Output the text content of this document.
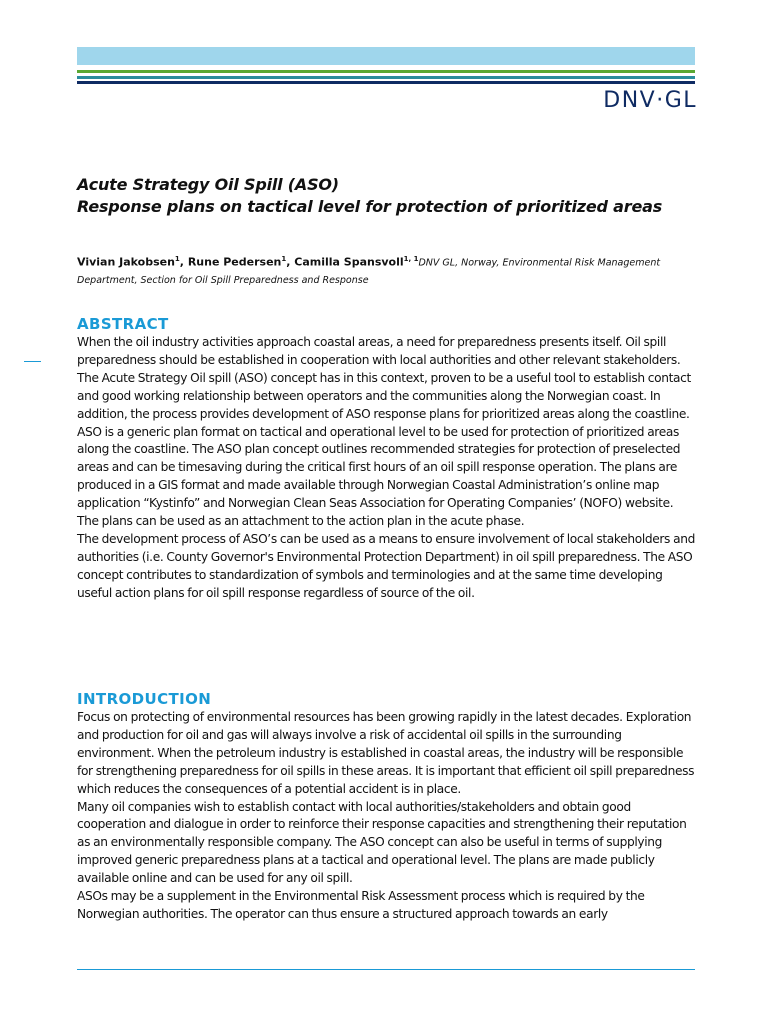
DNV·GL
Acute Strategy Oil Spill (ASO)
Response plans on tactical level for protection of prioritized areas
Vivian Jakobsen$^1$, Rune Pedersen$^1$, Camilla Spansvoll$^{1, 1}$DNV GL, Norway, Environmental Risk Management
Department, Section for Oil Spill Preparedness and Response
ABSTRACT

When the oil industry activities approach coastal areas, a need for preparedness presents itself. Oil spill preparedness should be established in cooperation with local authorities and other relevant stakeholders. The Acute Strategy Oil spill (ASO) concept has in this context, proven to be a useful tool to establish contact and good working relationship between operators and the communities along the Norwegian coast. In addition, the process provides development of ASO response plans for prioritized areas along the coastline.

ASO is a generic plan format on tactical and operational level to be used for protection of prioritized areas along the coastline. The ASO plan concept outlines recommended strategies for protection of preselected areas and can be timesaving during the critical first hours of an oil spill response operation. The plans are produced in a GIS format and made available through Norwegian Coastal Administration’s online map application “Kystinfo” and Norwegian Clean Seas Association for Operating Companies’ (NOFO) website. The plans can be used as an attachment to the action plan in the acute phase.

The development process of ASO’s can be used as a means to ensure involvement of local stakeholders and authorities (i.e. County Governor's Environmental Protection Department) in oil spill preparedness. The ASO concept contributes to standardization of symbols and terminologies and at the same time developing useful action plans for oil spill response regardless of source of the oil.

INTRODUCTION

Focus on protecting of environmental resources has been growing rapidly in the latest decades. Exploration and production for oil and gas will always involve a risk of accidental oil spills in the surrounding environment. When the petroleum industry is established in coastal areas, the industry will be responsible for strengthening preparedness for oil spills in these areas. It is important that efficient oil spill preparedness which reduces the consequences of a potential accident is in place.

Many oil companies wish to establish contact with local authorities/stakeholders and obtain good cooperation and dialogue in order to reinforce their response capacities and strengthening their reputation as an environmentally responsible company. The ASO concept can also be useful in terms of supplying improved generic preparedness plans at a tactical and operational level. The plans are made publicly available online and can be used for any oil spill.

ASOs may be a supplement in the Environmental Risk Assessment process which is required by the Norwegian authorities. The operator can thus ensure a structured approach towards an early
